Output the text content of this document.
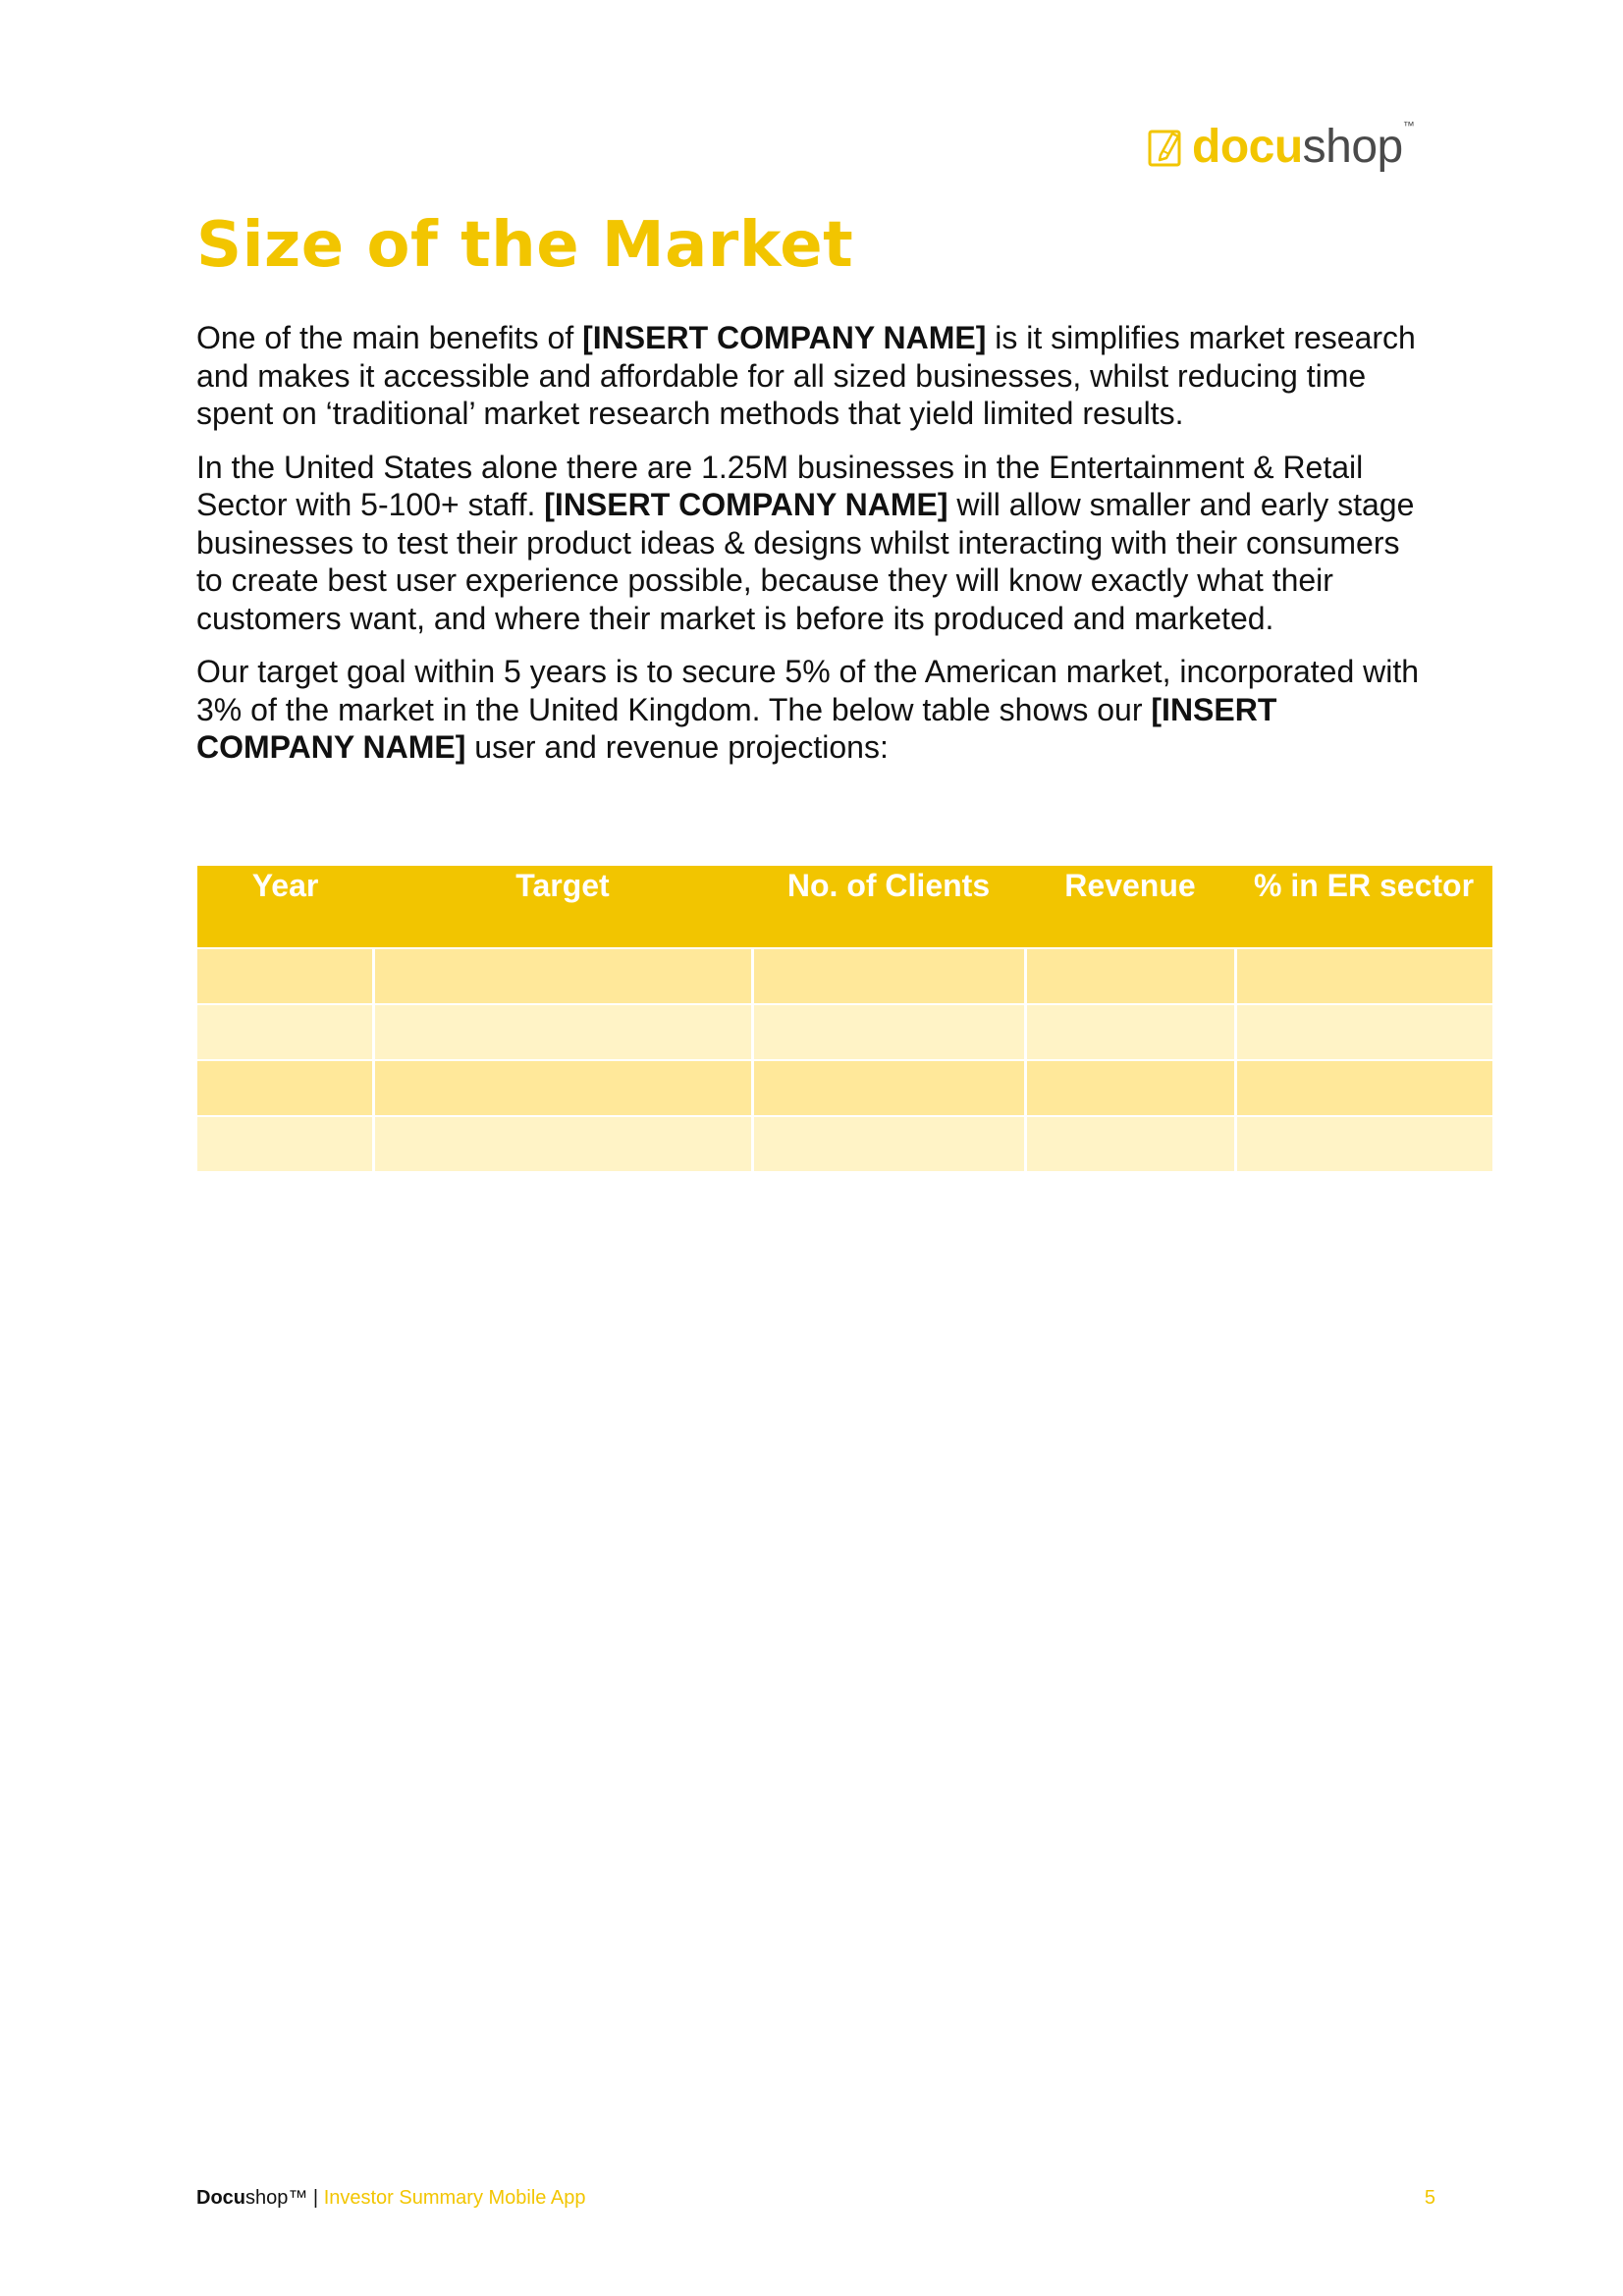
docushop™
Size of the Market

One of the main benefits of [INSERT COMPANY NAME] is it simplifies market research and makes it accessible and affordable for all sized businesses, whilst reducing time spent on ‘traditional’ market research methods that yield limited results.

In the United States alone there are 1.25M businesses in the Entertainment & Retail Sector with 5-100+ staff. [INSERT COMPANY NAME] will allow smaller and early stage businesses to test their product ideas & designs whilst interacting with their consumers to create best user experience possible, because they will know exactly what their customers want, and where their market is before its produced and marketed.

Our target goal within 5 years is to secure 5% of the American market, incorporated with 3% of the market in the United Kingdom. The below table shows our [INSERT COMPANY NAME] user and revenue projections:

Year	Target	No. of Clients	Revenue	% in ER sector

Docushop™ | Investor Summary Mobile App	5
